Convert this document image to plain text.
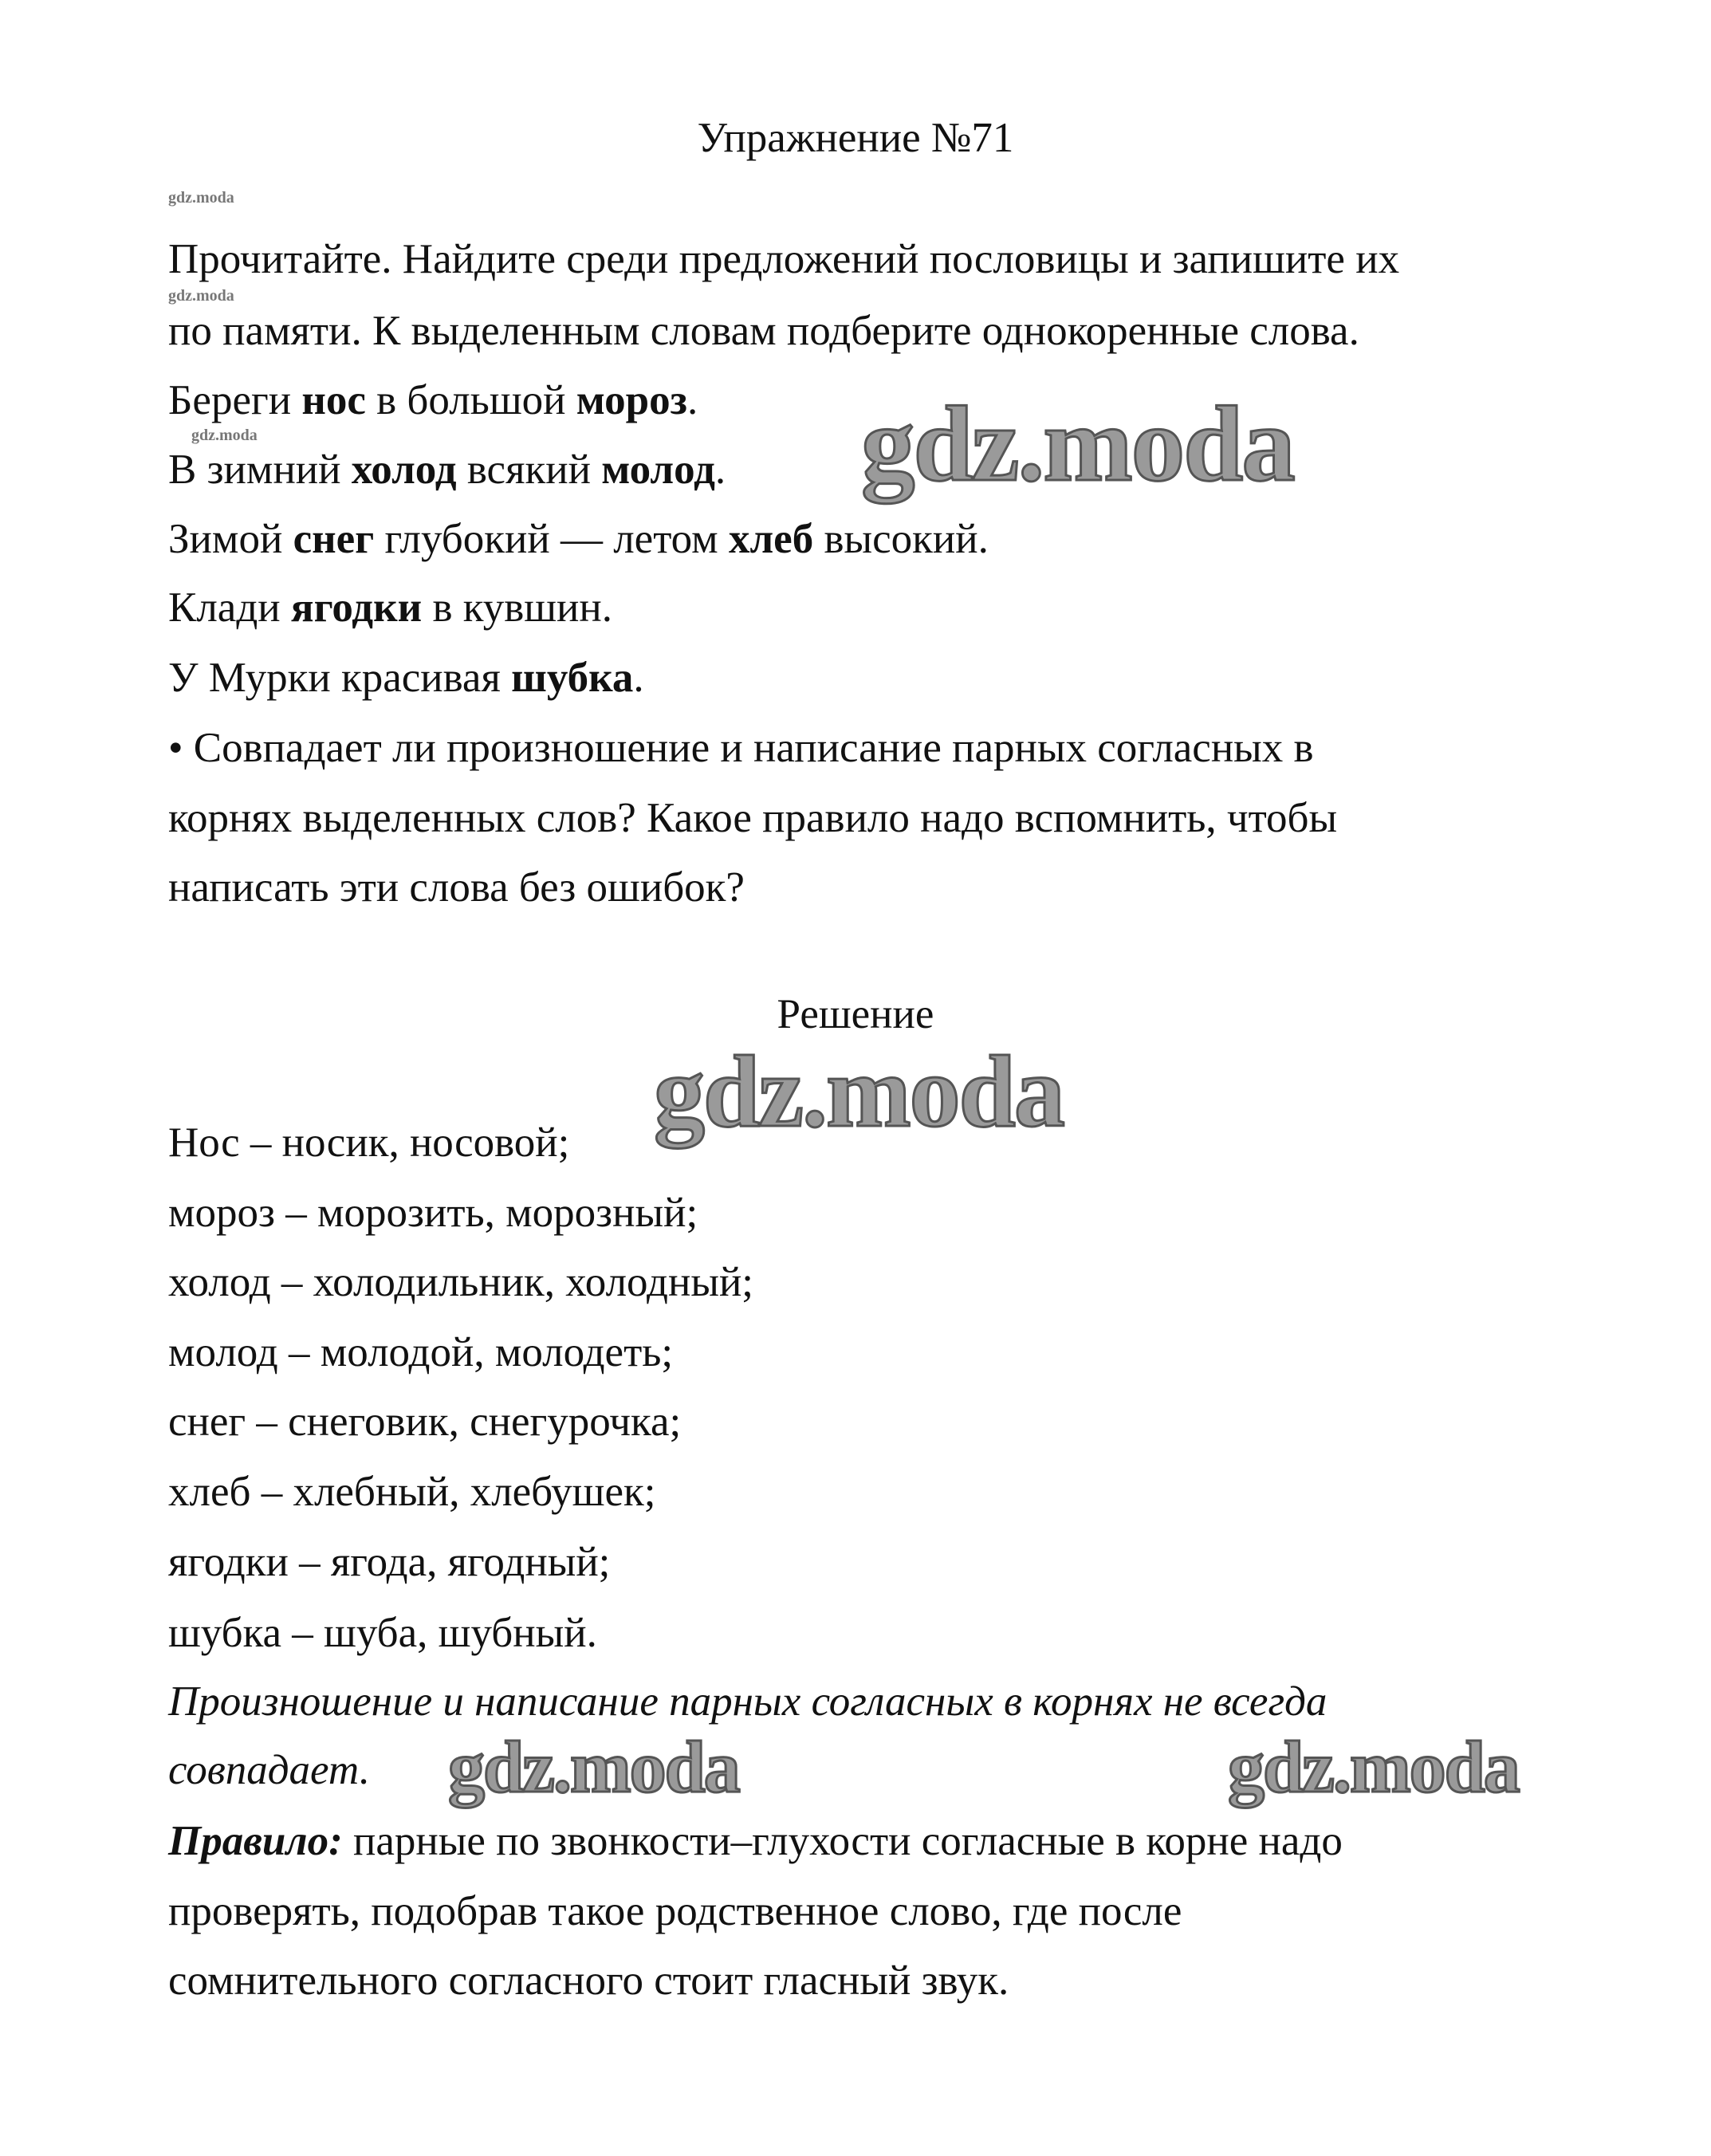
Упражнение №71
gdz.moda
Прочитайте. Найдите среди предложений пословицы и запишите их
gdz.moda
по памяти. К выделенным словам подберите однокоренные слова.
Береги нос в большой мороз.
gdz.moda
В зимний холод всякий молод.
Зимой снег глубокий — летом хлеб высокий.
Клади ягодки в кувшин.
У Мурки красивая шубка.
• Совпадает ли произношение и написание парных согласных в
корнях выделенных слов? Какое правило надо вспомнить, чтобы
написать эти слова без ошибок?
Решение
Нос – носик, носовой;
мороз – морозить, морозный;
холод – холодильник, холодный;
молод – молодой, молодеть;
снег – снеговик, снегурочка;
хлеб – хлебный, хлебушек;
ягодки – ягода, ягодный;
шубка – шуба, шубный.
Произношение и написание парных согласных в корнях не всегда
совпадает.
Правило: парные по звонкости–глухости согласные в корне надо
проверять, подобрав такое родственное слово, где после
сомнительного согласного стоит гласный звук.
gdz.moda
gdz.moda
gdz.moda	gdz.moda
